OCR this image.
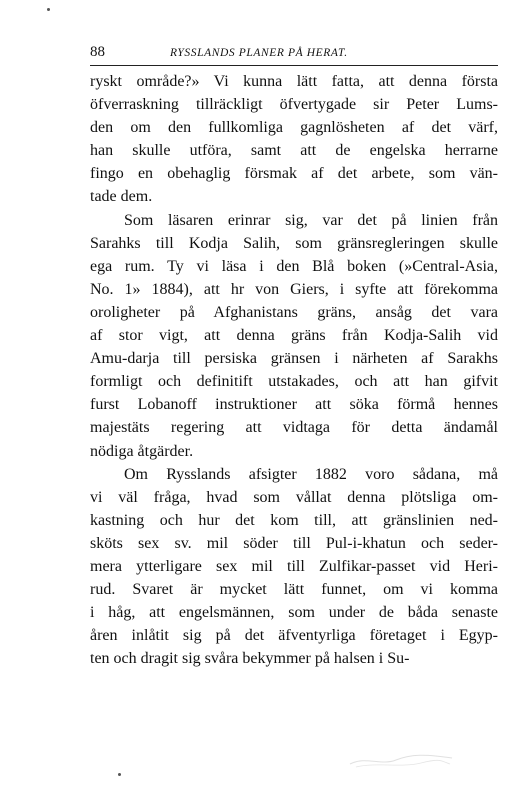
88	RYSSLANDS PLANER PÅ HERAT.
ryskt område?» Vi kunna lätt fatta, att denna första
öfverraskning tillräckligt öfvertygade sir Peter Lums-
den om den fullkomliga gagnlösheten af det värf,
han skulle utföra, samt att de engelska herrarne
fingo en obehaglig försmak af det arbete, som vän-
tade dem.
Som läsaren erinrar sig, var det på linien från
Sarahks till Kodja Salih, som gränsregleringen skulle
ega rum. Ty vi läsa i den Blå boken (»Central-Asia,
No. 1» 1884), att hr von Giers, i syfte att förekomma
oroligheter på Afghanistans gräns, ansåg det vara
af stor vigt, att denna gräns från Kodja-Salih vid
Amu-darja till persiska gränsen i närheten af Sarakhs
formligt och definitift utstakades, och att han gifvit
furst Lobanoff instruktioner att söka förmå hennes
majestäts regering att vidtaga för detta ändamål
nödiga åtgärder.
Om Rysslands afsigter 1882 voro sådana, må
vi väl fråga, hvad som vållat denna plötsliga om-
kastning och hur det kom till, att gränslinien ned-
sköts sex sv. mil söder till Pul-i-khatun och seder-
mera ytterligare sex mil till Zulfikar-passet vid Heri-
rud. Svaret är mycket lätt funnet, om vi komma
i håg, att engelsmännen, som under de båda senaste
åren inlåtit sig på det äfventyrliga företaget i Egyp-
ten och dragit sig svåra bekymmer på halsen i Su-
